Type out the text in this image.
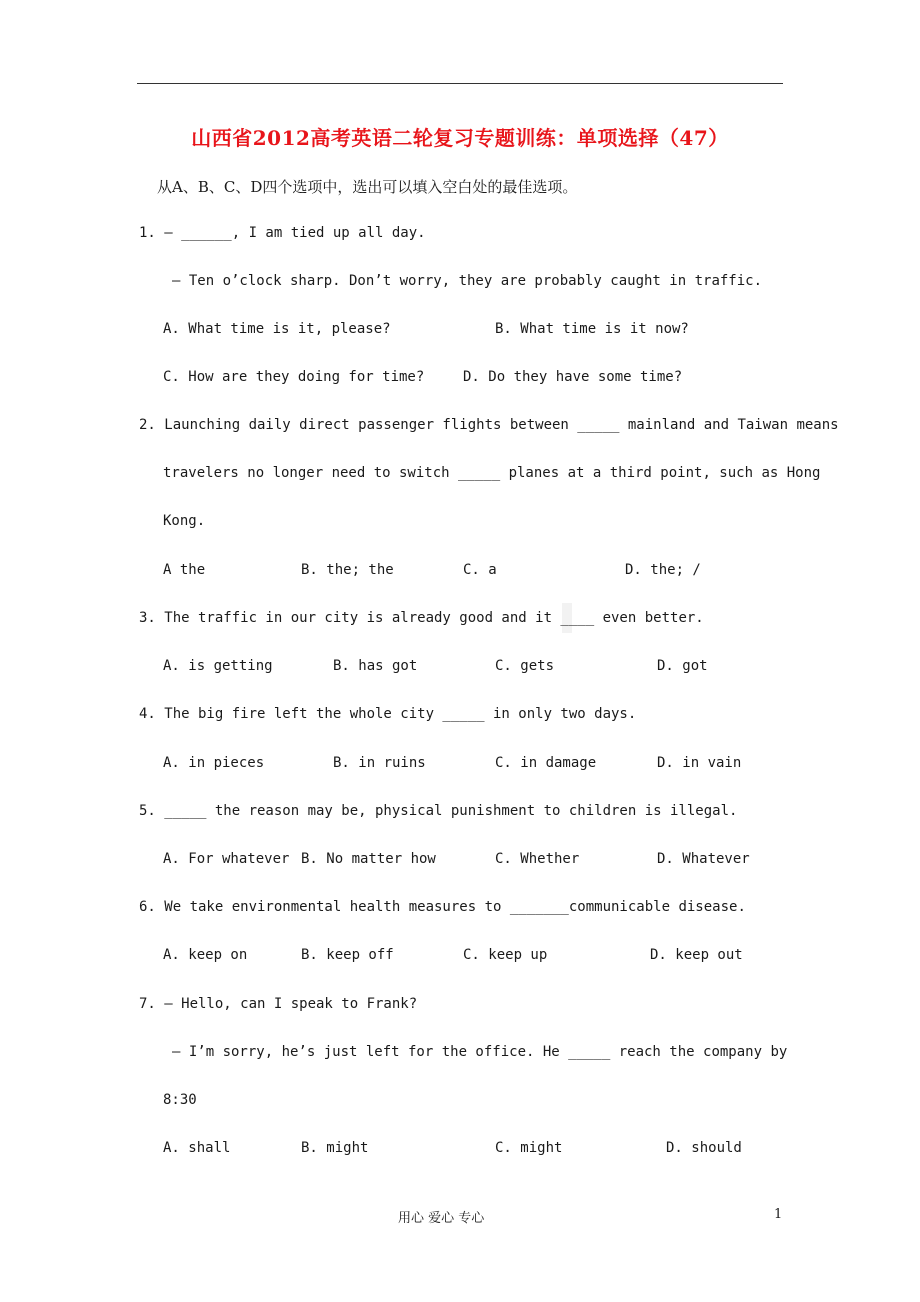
山西省2012高考英语二轮复习专题训练：单项选择（47）
从A、B、C、D四个选项中，选出可以填入空白处的最佳选项。
1. — ______, I am tied up all day.
— Ten o’clock sharp. Don’t worry, they are probably caught in traffic.
A. What time is it, please?	B. What time is it now?
C. How are they doing for time?	D. Do they have some time?
2. Launching daily direct passenger flights between _____ mainland and Taiwan means
travelers no longer need to switch _____ planes at a third point, such as Hong
Kong.
A the	B. the; the	C. a	D. the; /
3. The traffic in our city is already good and it ____ even better.
A. is getting	B. has got	C. gets	D. got
4. The big fire left the whole city _____ in only two days.
A. in pieces	B. in ruins	C. in damage	D. in vain
5. _____ the reason may be, physical punishment to children is illegal.
A. For whatever B. No matter how	C. Whether	D. Whatever
6. We take environmental health measures to _______communicable disease.
A. keep on	B. keep off	C. keep up	D. keep out
7. — Hello, can I speak to Frank?
— I’m sorry, he’s just left for the office. He _____ reach the company by
8:30
A. shall	B. might	C. might	D. should
用心 爱心 专心	1
